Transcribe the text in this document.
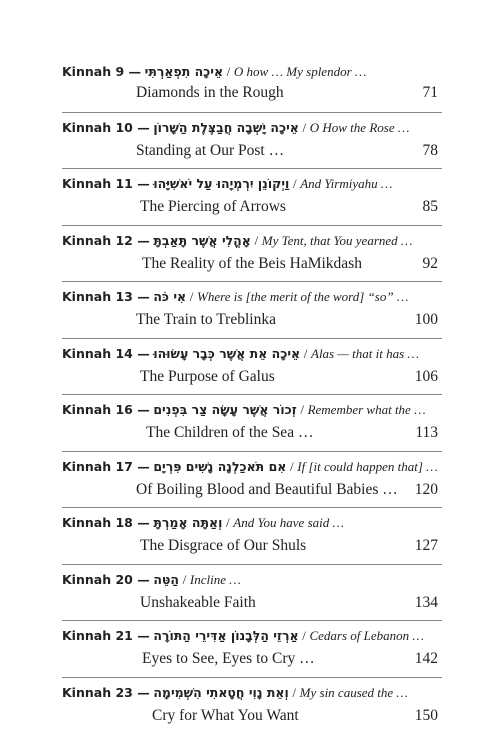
Kinnah 9 — אֵיכָה תִפְאַרְתִּי / O how … My splendor …
Diamonds in the Rough	71
Kinnah 10 — אֵיכָה יָשְׁבָה חֲבַצֶּלֶת הַשָּׁרוֹן / O How the Rose …
Standing at Our Post …	78
Kinnah 11 — וַיְקוֹנֵן יִרְמְיָהוּ עַל יֹאשִׁיָּהוּ / And Yirmiyahu …
The Piercing of Arrows	85
Kinnah 12 — אָהֳלִי אֲשֶׁר תָּאַבְתָּ / My Tent, that You yearned …
The Reality of the Beis HaMikdash	92
Kinnah 13 — אִי כֹּה / Where is [the merit of the word] “so” …
The Train to Treblinka	100
Kinnah 14 — אֵיכָה אֵת אֲשֶׁר כְּבָר עָשׂוּהוּ / Alas — that it has …
The Purpose of Galus	106
Kinnah 16 — זְכוֹר אֲשֶׁר עָשָׂה צַר בִּפְנִים / Remember what the …
The Children of the Sea …	113
Kinnah 17 — אִם תֹּאכַלְנָה נָשִׁים פִּרְיָם / If [it could happen that] …
Of Boiling Blood and Beautiful Babies … 120
Kinnah 18 — וְאַתָּה אָמַרְתָּ / And You have said …
The Disgrace of Our Shuls	127
Kinnah 20 — הַטֵּה / Incline …
Unshakeable Faith	134
Kinnah 21 — אַרְזֵי הַלְּבָנוֹן אַדִּירֵי הַתּוֹרָה / Cedars of Lebanon …
Eyes to See, Eyes to Cry …	142
Kinnah 23 — וְאֵת נָוִי חֲטָאתִי הִשְׁמִימָה / My sin caused the …
Cry for What You Want	150
